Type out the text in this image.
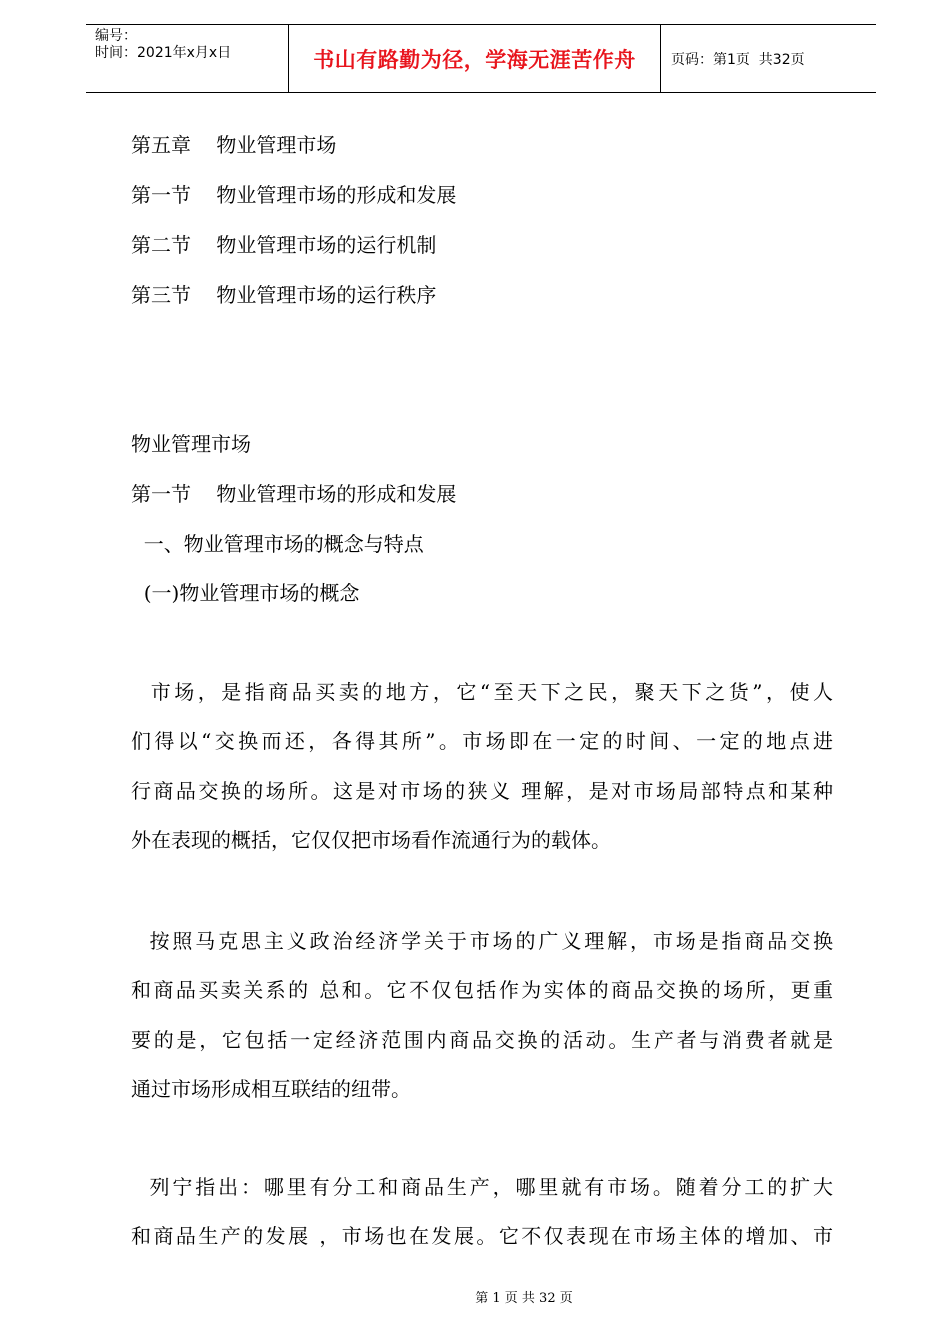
编号：
时间：2021年x月x日	书山有路勤为径，学海无涯苦作舟	页码：第1页  共32页
第五章    物业管理市场
第一节    物业管理市场的形成和发展
第二节    物业管理市场的运行机制
第三节    物业管理市场的运行秩序
物业管理市场
第一节    物业管理市场的形成和发展
一、物业管理市场的概念与特点
(一)物业管理市场的概念
市场，是指商品买卖的地方，它“至天下之民，聚天下之货”，使人
们得以“交换而还，各得其所”。市场即在一定的时间、一定的地点进
行商品交换的场所。这是对市场的狭义 理解，是对市场局部特点和某种
外在表现的概括，它仅仅把市场看作流通行为的载体。
按照马克思主义政治经济学关于市场的广义理解，市场是指商品交换
和商品买卖关系的 总和。它不仅包括作为实体的商品交换的场所，更重
要的是，它包括一定经济范围内商品交换的活动。生产者与消费者就是
通过市场形成相互联结的纽带。
列宁指出：哪里有分工和商品生产，哪里就有市场。随着分工的扩大
和商品生产的发展 ，市场也在发展。它不仅表现在市场主体的增加、市
第 1 页 共 32 页
